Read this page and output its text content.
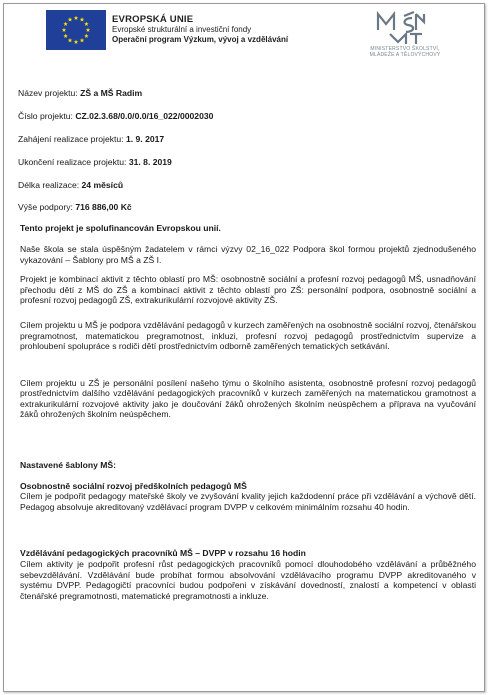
EVROPSKÁ UNIE
Evropské strukturální a investiční fondy
Operační program Výzkum, vývoj a vzdělávání
MINISTERSTVO ŠKOLSTVÍ,
MLÁDEŽE A TĚLOVÝCHOVY

Název projektu: ZŠ a MŠ Radim

Číslo projektu: CZ.02.3.68/0.0/0.0/16_022/0002030

Zahájení realizace projektu: 1. 9. 2017

Ukončení realizace projektu: 31. 8. 2019

Délka realizace: 24 měsíců

Výše podpory: 716 886,00 Kč

Tento projekt je spolufinancován Evropskou unií.
Naše škola se stala úspěšným žadatelem v rámci výzvy 02_16_022 Podpora škol formou projektů zjednodušeného vykazování – Šablony pro MŠ a ZŠ I.
Projekt je kombinací aktivit z těchto oblastí pro MŠ: osobnostně sociální a profesní rozvoj pedagogů MŠ, usnadňování přechodu dětí z MŠ do ZŠ a kombinací aktivit z těchto oblastí pro ZŠ: personální podpora, osobnostně sociální a profesní rozvoj pedagogů ZŠ, extrakurikulární rozvojové aktivity ZŠ.
Cílem projektu u MŠ je podpora vzdělávání pedagogů v kurzech zaměřených na osobnostně sociální rozvoj, čtenářskou pregramotnost, matematickou pregramotnost, inkluzi, profesní rozvoj pedagogů prostřednictvím supervize a prohloubení spolupráce s rodiči dětí prostřednictvím odborně zaměřených tematických setkávání.
Cílem projektu u ZŠ je personální posílení našeho týmu o školního asistenta, osobnostně profesní rozvoj pedagogů prostřednictvím dalšího vzdělávání pedagogických pracovníků v kurzech zaměřených na matematickou gramotnost a extrakurikulární rozvojové aktivity jako je doučování žáků ohrožených školním neúspěchem a příprava na vyučování žáků ohrožených školním neúspěchem.
Nastavené šablony MŠ:
Osobnostně sociální rozvoj předškolních pedagogů MŠ
Cílem je podpořit pedagogy mateřské školy ve zvyšování kvality jejich každodenní práce při vzdělávání a výchově dětí. Pedagog absolvuje akreditovaný vzdělávací program DVPP v celkovém minimálním rozsahu 40 hodin.
Vzdělávání pedagogických pracovníků MŠ – DVPP v rozsahu 16 hodin
Cílem aktivity je podpořit profesní růst pedagogických pracovníků pomocí dlouhodobého vzdělávání a průběžného sebevzdělávání. Vzdělávání bude probíhat formou absolvování vzdělávacího programu DVPP akreditovaného v systému DVPP. Pedagogičtí pracovníci budou podpořeni v získávání dovedností, znalostí a kompetencí v oblasti čtenářské pregramotnosti, matematické pregramotnosti a inkluze.
